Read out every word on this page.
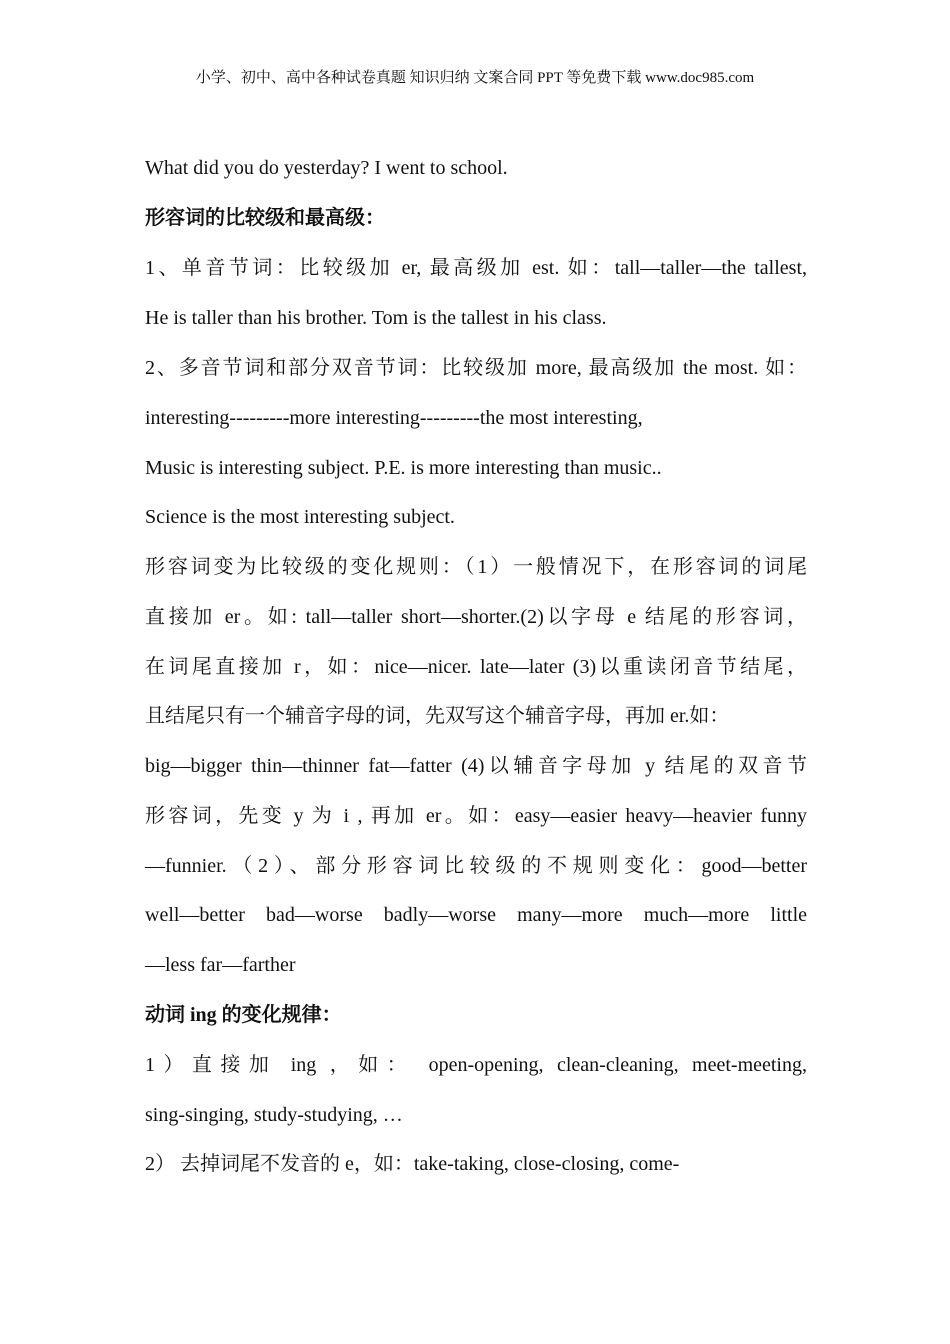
小学、初中、高中各种试卷真题 知识归纳 文案合同 PPT 等免费下载 www.doc985.com
What did you do yesterday? I went to school.
形容词的比较级和最高级：
1、单音节词：比较级加 er, 最高级加 est. 如：tall—taller—the tallest,
He is taller than his brother. Tom is the tallest in his class.
2、多音节词和部分双音节词：比较级加 more, 最高级加 the most. 如：
interesting---------more interesting---------the most interesting,
Music is interesting subject. P.E. is more interesting than music..
Science is the most interesting subject.
形容词变为比较级的变化规则：（1）一般情况下，在形容词的词尾
直接加 er。如: tall—taller short—shorter.(2)以字母 e 结尾的形容词，
在词尾直接加 r，如：nice—nicer. late—later (3)以重读闭音节结尾，
且结尾只有一个辅音字母的词，先双写这个辅音字母，再加 er.如：
big—bigger thin—thinner fat—fatter (4)以辅音字母加 y 结尾的双音节
形容词，先变 y 为 i , 再加 er。如：easy—easier heavy—heavier funny
—funnier.（2）、部分形容词比较级的不规则变化：good—better
well—better bad—worse badly—worse many—more much—more little
—less far—farther
动词 ing 的变化规律：
1）直接加 ing ，如： open-opening, clean-cleaning, meet-meeting,
sing-singing, study-studying, …
2） 去掉词尾不发音的 e，如：take-taking, close-closing, come-
